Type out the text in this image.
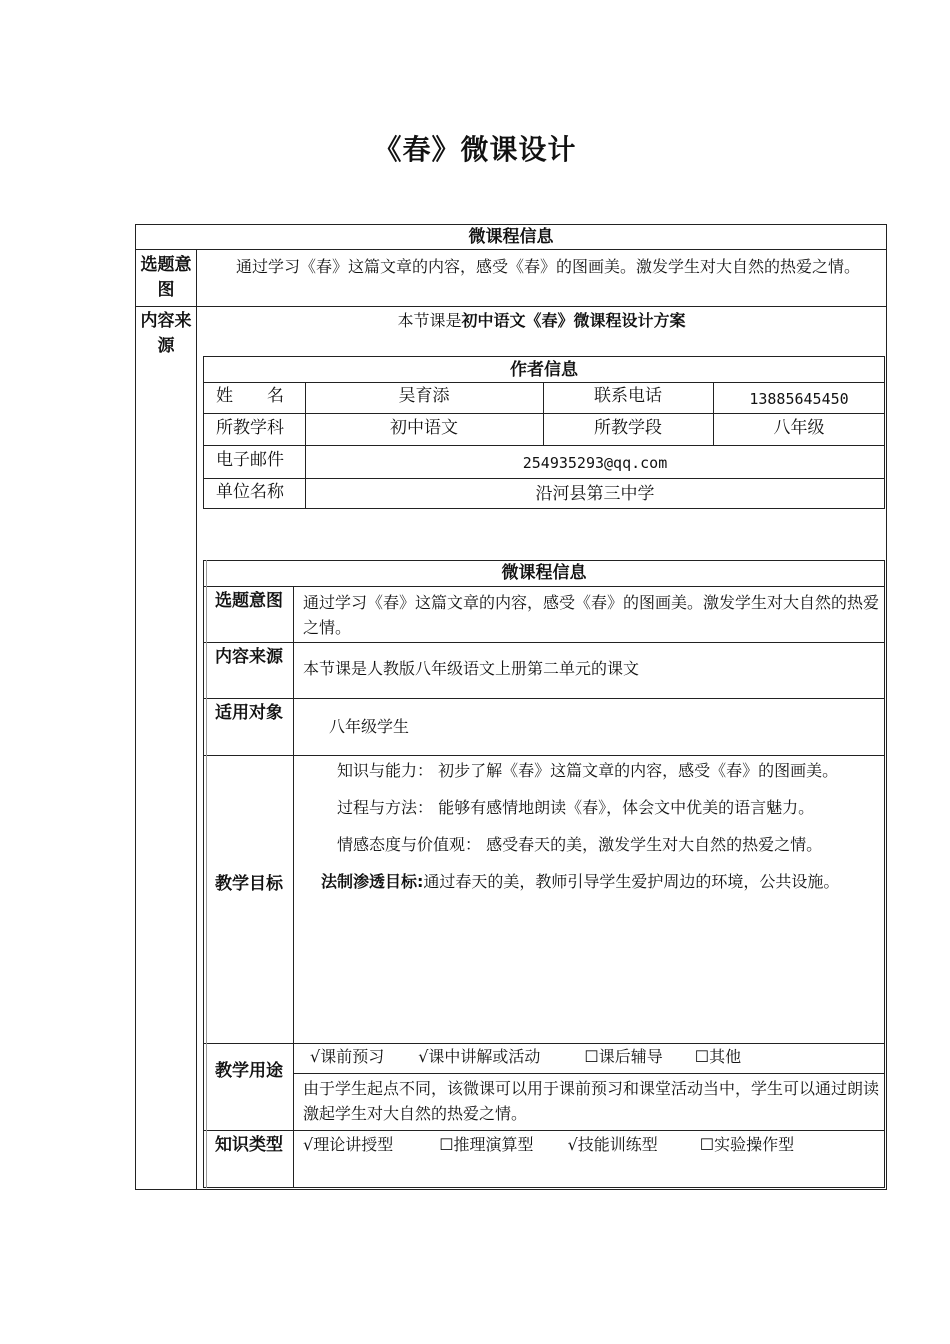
《春》微课设计
微课程信息
选题意图
通过学习《春》这篇文章的内容，感受《春》的图画美。激发学生对大自然的热爱之情。
内容来源
本节课是初中语文《春》微课程设计方案
作者信息
姓　　名	吴育添	联系电话	13885645450
所教学科	初中语文	所教学段	八年级
电子邮件	254935293@qq.com
单位名称	沿河县第三中学
微课程信息
选题意图 通过学习《春》这篇文章的内容，感受《春》的图画美。激发学生对大自然的热爱之情。
内容来源
本节课是人教版八年级语文上册第二单元的课文
适用对象
八年级学生
教学目标
知识与能力： 初步了解《春》这篇文章的内容，感受《春》的图画美。
过程与方法： 能够有感情地朗读《春》，体会文中优美的语言魅力。
情感态度与价值观： 感受春天的美，激发学生对大自然的热爱之情。
法制渗透目标:通过春天的美，教师引导学生爱护周边的环境，公共设施。
教学用途
√课前预习 √课中讲解或活动	☐课后辅导 ☐其他
由于学生起点不同，该微课可以用于课前预习和课堂活动当中，学生可以通过朗读激起学生对大自然的热爱之情。
知识类型 √理论讲授型	☐推理演算型 √技能训练型	☐实验操作型
